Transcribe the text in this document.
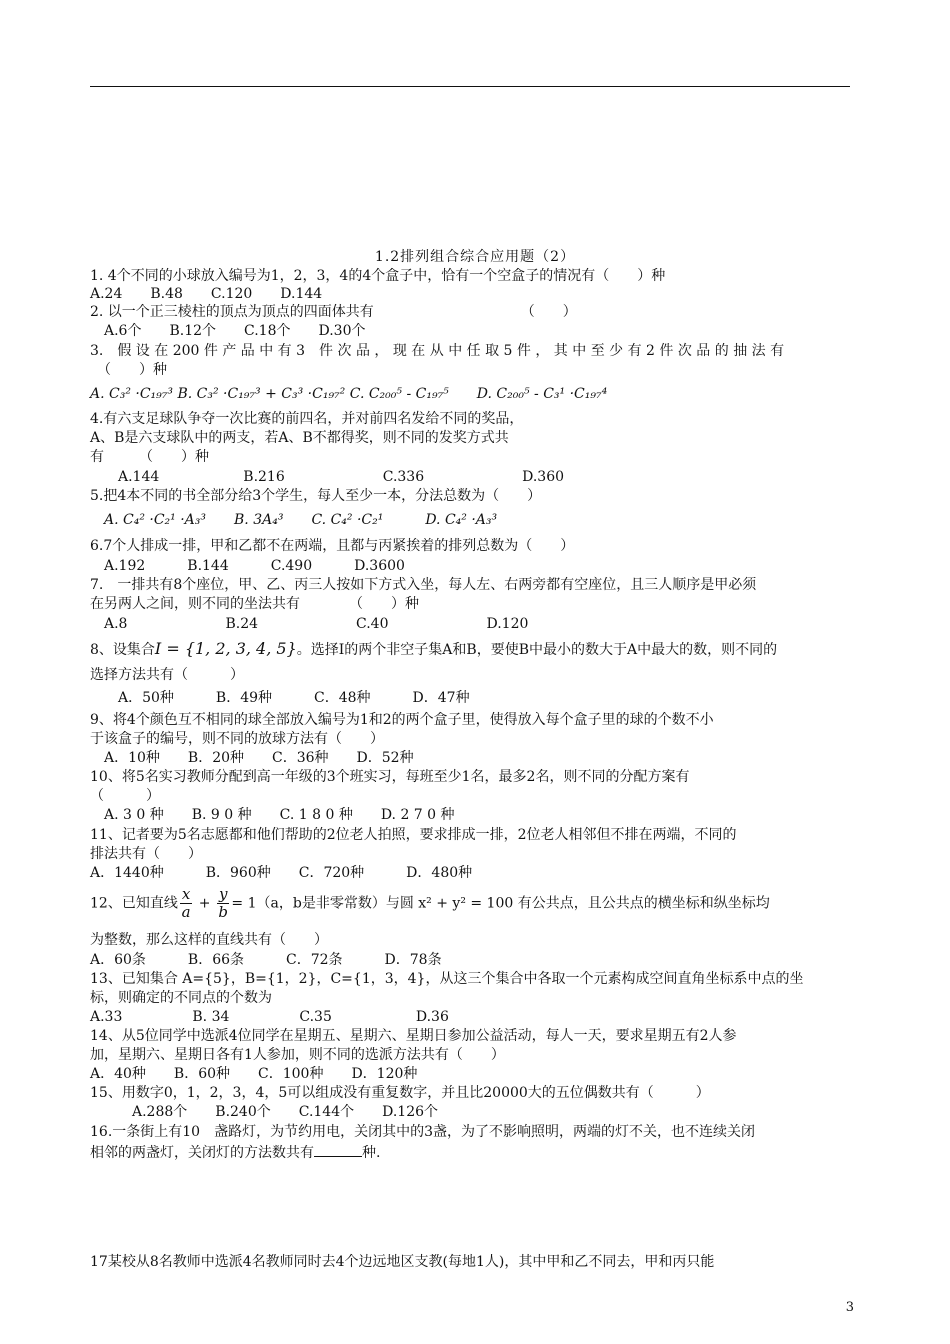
1.2排列组合综合应用题（2）
1. 4个不同的小球放入编号为1，2，3，4的4个盒子中，恰有一个空盒子的情况有（　　）种
A.24　　B.48　　C.120　　D.144
2. 以一个正三棱柱的顶点为顶点的四面体共有　　　　　　　　　　　（　　）
　A.6个　　B.12个　　C.18个　　D.30个
3.　假 设 在 200 件 产 品 中 有 3　件 次 品 ， 现 在 从 中 任 取 5 件 ， 其 中 至 少 有 2 件 次 品 的 抽 法 有
　（　　）种
A. C₃² ·C₁₉₇³ B. C₃² ·C₁₉₇³ + C₃³ ·C₁₉₇² C. C₂₀₀⁵ - C₁₉₇⁵　　D. C₂₀₀⁵ - C₃¹ ·C₁₉₇⁴
4.有六支足球队争夺一次比赛的前四名，并对前四名发给不同的奖品，
A、B是六支球队中的两支，若A、B不都得奖，则不同的发奖方式共
有　　　（　　）种
　　A.144　　　　　　B.216　　　　　　　C.336　　　　　　　D.360
5.把4本不同的书全部分给3个学生，每人至少一本，分法总数为（　　）
　A. C₄² ·C₂¹ ·A₃³　　B. 3A₄³　　C. C₄² ·C₂¹　　　D. C₄² ·A₃³
6.7个人排成一排，甲和乙都不在两端，且都与丙紧挨着的排列总数为（　　）
　A.192　　　B.144　　　C.490　　　D.3600
7.　一排共有8个座位，甲、乙、丙三人按如下方式入坐，每人左、右两旁都有空座位，且三人顺序是甲必须
在另两人之间，则不同的坐法共有　　　　（　　）种
　A.8　　　　　　　B.24　　　　　　　C.40　　　　　　　D.120
8、设集合I = {1, 2, 3, 4, 5}。选择I的两个非空子集A和B，要使B中最小的数大于A中最大的数，则不同的
选择方法共有（　　　）
　　A．50种　　　B．49种　　　C．48种　　　D．47种
9、将4个颜色互不相同的球全部放入编号为1和2的两个盒子里，使得放入每个盒子里的球的个数不小
于该盒子的编号，则不同的放球方法有（　　）
　A．10种　　B．20种　　C．36种　　D．52种
10、将5名实习教师分配到高一年级的3个班实习，每班至少1名，最多2名，则不同的分配方案有
（　　　）
　A. 3 0 种　　B. 9 0 种　　C. 1 8 0 种　　D. 2 7 0 种
11、记者要为5名志愿都和他们帮助的2位老人拍照，要求排成一排，2位老人相邻但不排在两端，不同的
排法共有（　　）
A．1440种　　　B．960种　　C．720种　　　D．480种
12、已知直线 $\frac{x}{a} + \frac{y}{b} = 1(a$，b是非零常数）与圆 x² + y² = 100 有公共点，且公共点的横坐标和纵坐标均
为整数，那么这样的直线共有（　　）
A．60条　　　B．66条　　　C．72条　　　D．78条
13、已知集合 A={5}，B={1，2}，C={1，3，4}，从这三个集合中各取一个元素构成空间直角坐标系中点的坐
标，则确定的不同点的个数为
A.33　　　　　B. 34　　　　　C.35　　　　　　D.36
14、从5位同学中选派4位同学在星期五、星期六、星期日参加公益活动，每人一天，要求星期五有2人参
加，星期六、星期日各有1人参加，则不同的选派方法共有（　　）
A．40种　　B．60种　　C．100种　　D．120种
15、用数字0，1，2，3，4，5可以组成没有重复数字，并且比20000大的五位偶数共有（　　　）
　　　A.288个　　B.240个　　C.144个　　D.126个
16.一条街上有10　盏路灯，为节约用电，关闭其中的3盏，为了不影响照明，两端的灯不关，也不连续关闭
相邻的两盏灯，关闭灯的方法数共有	种.
17某校从8名教师中选派4名教师同时去4个边远地区支教(每地1人)，其中甲和乙不同去，甲和丙只能
3
